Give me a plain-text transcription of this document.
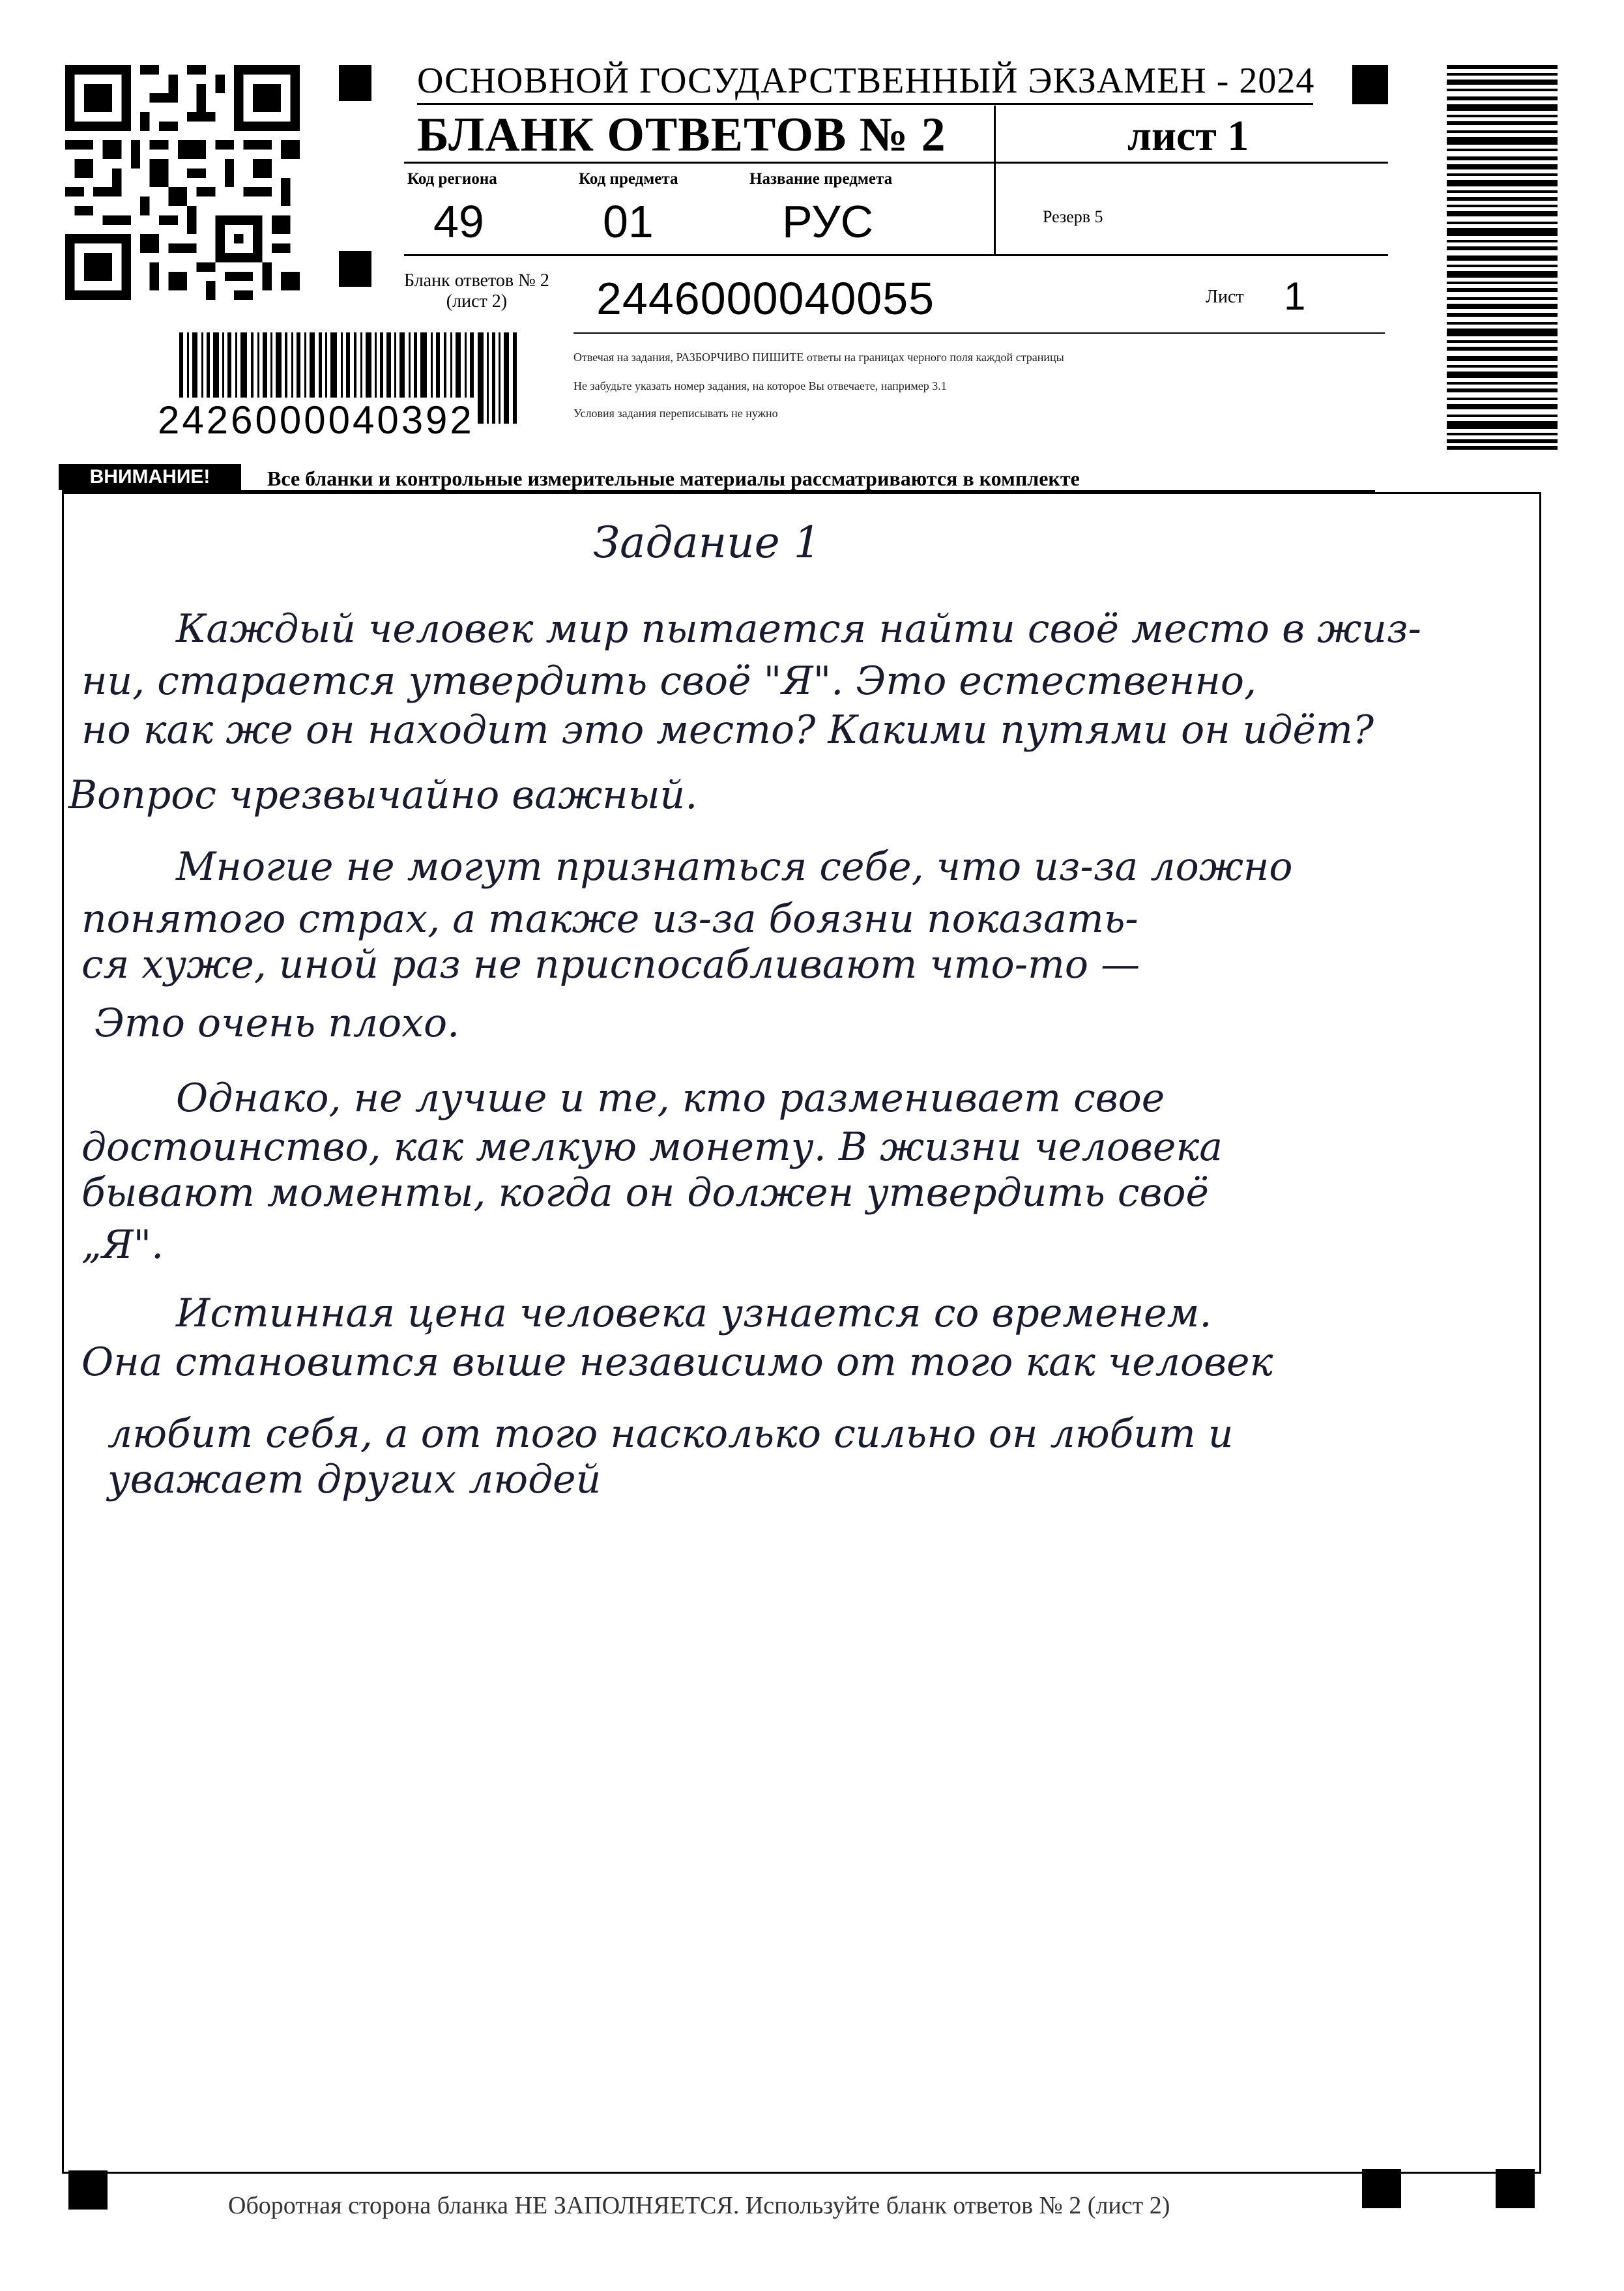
ОСНОВНОЙ ГОСУДАРСТВЕННЫЙ ЭКЗАМЕН - 2024
БЛАНК ОТВЕТОВ № 2	лист 1
Код региона
49
Код предмета
01
Название предмета
РУС	Резерв 5
Бланк ответов № 2
(лист 2)	2446000040055	Лист 1
Отвечая на задания, РАЗБОРЧИВО ПИШИТЕ ответы на границах черного поля каждой страницы
Не забудьте указать номер задания, на которое Вы отвечаете, например 3.1
Условия задания переписывать не нужно
2426000040392
ВНИМАНИЕ!	Все бланки и контрольные измерительные материалы рассматриваются в комплекте
Задание 1
Каждый человек мир пытается найти своё место в жиз-
ни, старается утвердить своё "Я". Это естественно,
но как же он находит это место? Какими путями он идёт?
Вопрос чрезвычайно важный.
Многие не могут признаться себе, что из-за ложно
понятого страх, а также из-за боязни показать-
ся хуже, иной раз не приспосабливают что-то —
Это очень плохо.
Однако, не лучше и те, кто разменивает свое
достоинство, как мелкую монету. В жизни человека
бывают моменты, когда он должен утвердить своё
„Я".
Истинная цена человека узнается со временем.
Она становится выше независимо от того как человек
любит себя, а от того насколько сильно он любит и
уважает других людей
Оборотная сторона бланка НЕ ЗАПОЛНЯЕТСЯ. Используйте бланк ответов № 2 (лист 2)
